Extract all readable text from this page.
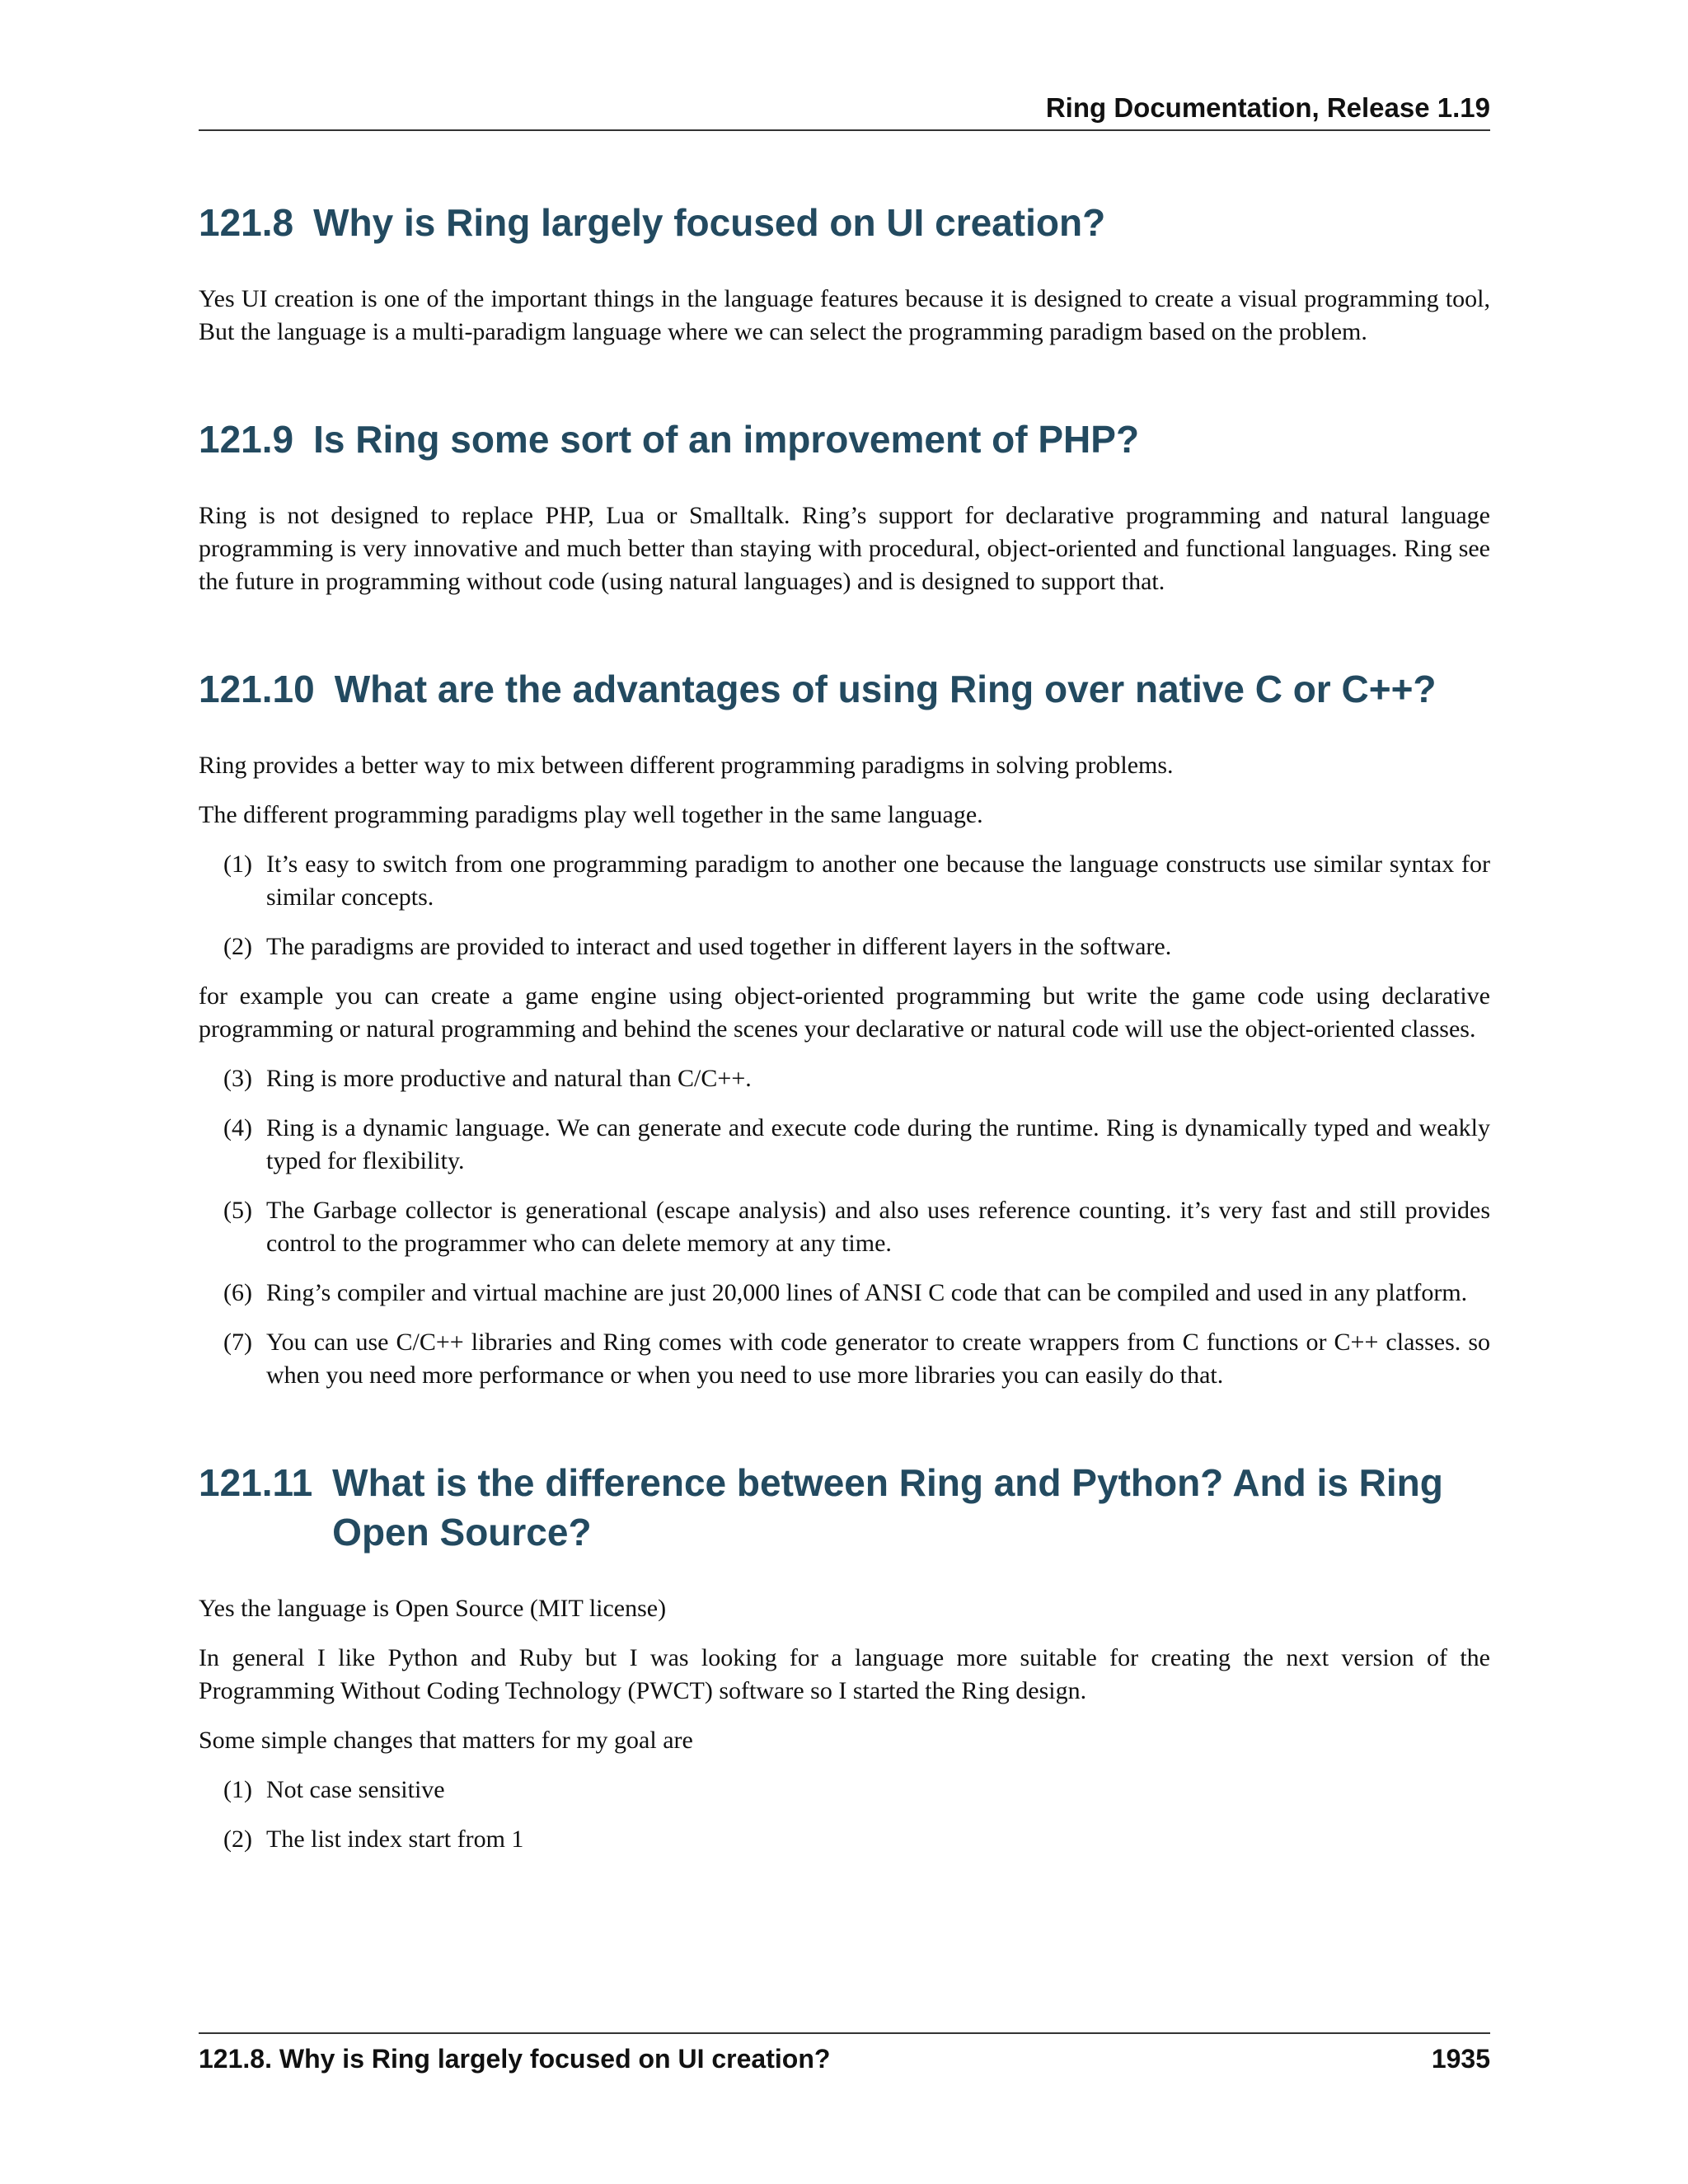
Ring Documentation, Release 1.19
121.8 Why is Ring largely focused on UI creation?

Yes UI creation is one of the important things in the language features because it is designed to create a visual programming tool, But the language is a multi-paradigm language where we can select the programming paradigm based on the problem.

121.9 Is Ring some sort of an improvement of PHP?

Ring is not designed to replace PHP, Lua or Smalltalk. Ring’s support for declarative programming and natural language programming is very innovative and much better than staying with procedural, object-oriented and functional languages. Ring see the future in programming without code (using natural languages) and is designed to support that.

121.10 What are the advantages of using Ring over native C or C++?

Ring provides a better way to mix between different programming paradigms in solving problems.

The different programming paradigms play well together in the same language.

(1) It’s easy to switch from one programming paradigm to another one because the language constructs use similar syntax for similar concepts.
(2) The paradigms are provided to interact and used together in different layers in the software.

for example you can create a game engine using object-oriented programming but write the game code using declarative programming or natural programming and behind the scenes your declarative or natural code will use the object-oriented classes.

(3) Ring is more productive and natural than C/C++.
(4) Ring is a dynamic language. We can generate and execute code during the runtime. Ring is dynamically typed and weakly typed for flexibility.
(5) The Garbage collector is generational (escape analysis) and also uses reference counting. it’s very fast and still provides control to the programmer who can delete memory at any time.
(6) Ring’s compiler and virtual machine are just 20,000 lines of ANSI C code that can be compiled and used in any platform.
(7) You can use C/C++ libraries and Ring comes with code generator to create wrappers from C functions or C++ classes. so when you need more performance or when you need to use more libraries you can easily do that.
121.11 What is the difference between Ring and Python? And is Ring Open Source?

Yes the language is Open Source (MIT license)

In general I like Python and Ruby but I was looking for a language more suitable for creating the next version of the Programming Without Coding Technology (PWCT) software so I started the Ring design.

Some simple changes that matters for my goal are

(1) Not case sensitive
(2) The list index start from 1
121.8. Why is Ring largely focused on UI creation?	1935
